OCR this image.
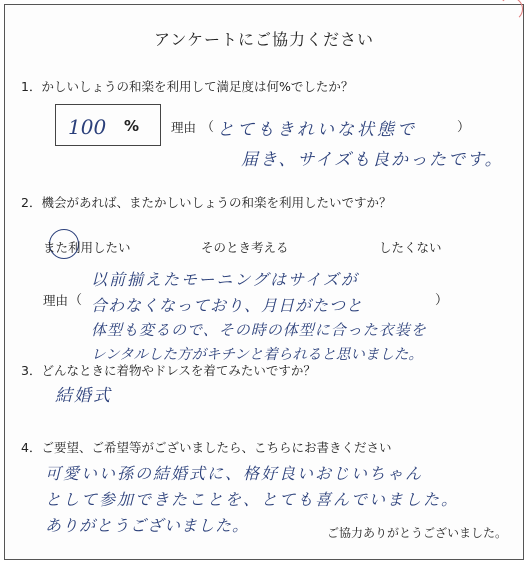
アンケートにご協力ください
1．かしいしょうの和楽を利用して満足度は何%でしたか？
100 %	理由 （ とてもきれいな状態で	）
届き、サイズも良かったです。
2．機会があれば、またかしいしょうの和楽を利用したいですか？
また利用したい	そのとき考える	したくない
理由 （	）
以前揃えたモーニングはサイズが
合わなくなっており、月日がたつと
体型も変るので、その時の体型に合った衣装を
レンタルした方がキチンと着られると思いました。
3．どんなときに着物やドレスを着てみたいですか？
結婚式
4．ご要望、ご希望等がございましたら、こちらにお書きください
可愛いい孫の結婚式に、格好良いおじいちゃん
として参加できたことを、とても喜んでいました。
ありがとうございました。	ご協力ありがとうございました。
